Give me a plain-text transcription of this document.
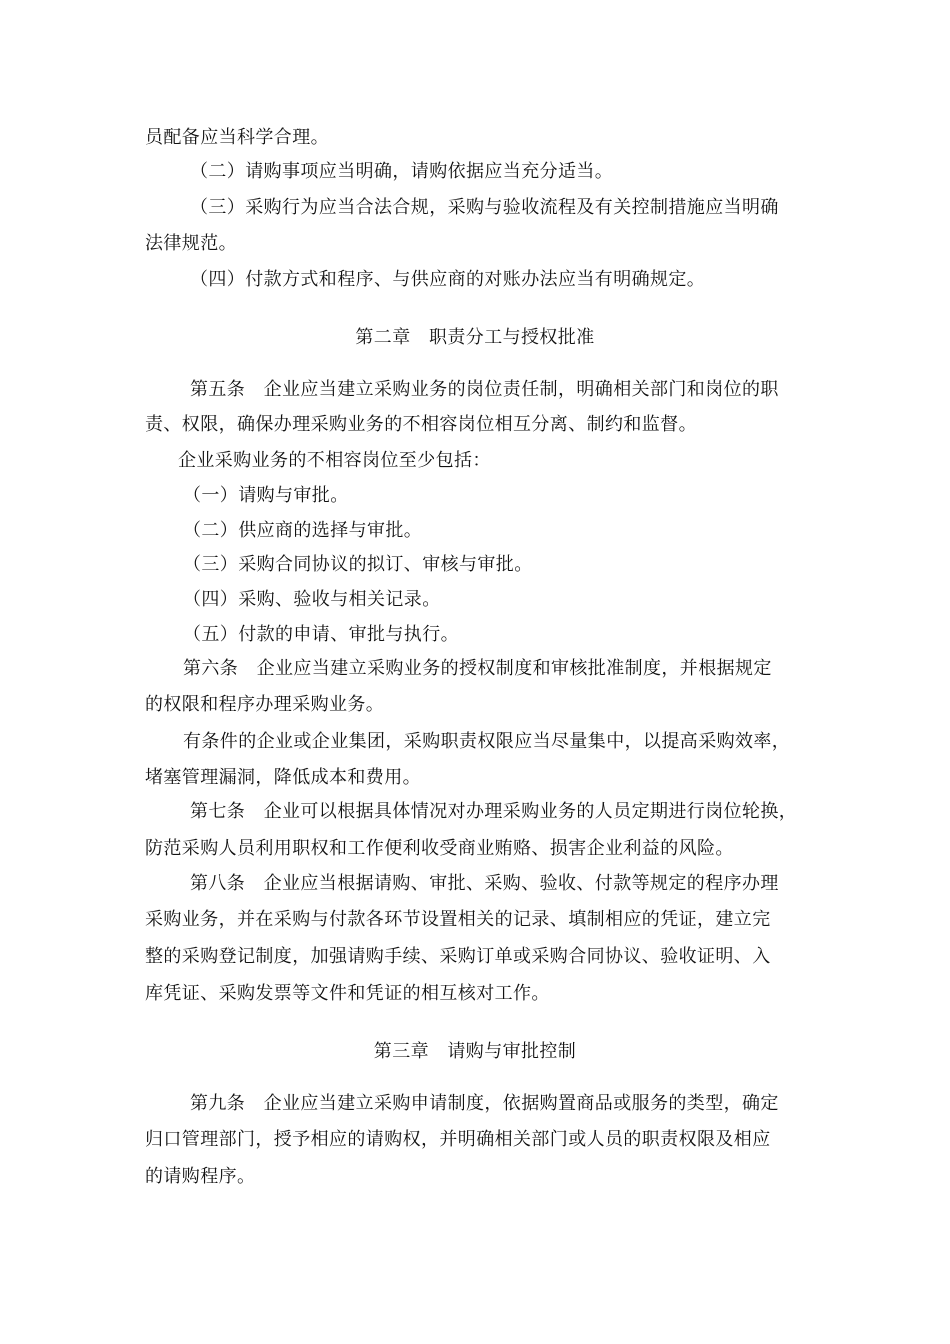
员配备应当科学合理。
（二）请购事项应当明确，请购依据应当充分适当。
（三）采购行为应当合法合规，采购与验收流程及有关控制措施应当明确
法律规范。
（四）付款方式和程序、与供应商的对账办法应当有明确规定。
第二章　职责分工与授权批准
第五条　企业应当建立采购业务的岗位责任制，明确相关部门和岗位的职
责、权限，确保办理采购业务的不相容岗位相互分离、制约和监督。
企业采购业务的不相容岗位至少包括：
（一）请购与审批。
（二）供应商的选择与审批。
（三）采购合同协议的拟订、审核与审批。
（四）采购、验收与相关记录。
（五）付款的申请、审批与执行。
第六条　企业应当建立采购业务的授权制度和审核批准制度，并根据规定
的权限和程序办理采购业务。
有条件的企业或企业集团，采购职责权限应当尽量集中，以提高采购效率，
堵塞管理漏洞，降低成本和费用。
第七条　企业可以根据具体情况对办理采购业务的人员定期进行岗位轮换，
防范采购人员利用职权和工作便利收受商业贿赂、损害企业利益的风险。
第八条　企业应当根据请购、审批、采购、验收、付款等规定的程序办理
采购业务，并在采购与付款各环节设置相关的记录、填制相应的凭证，建立完
整的采购登记制度，加强请购手续、采购订单或采购合同协议、验收证明、入
库凭证、采购发票等文件和凭证的相互核对工作。
第三章　请购与审批控制
第九条　企业应当建立采购申请制度，依据购置商品或服务的类型，确定
归口管理部门，授予相应的请购权，并明确相关部门或人员的职责权限及相应
的请购程序。
